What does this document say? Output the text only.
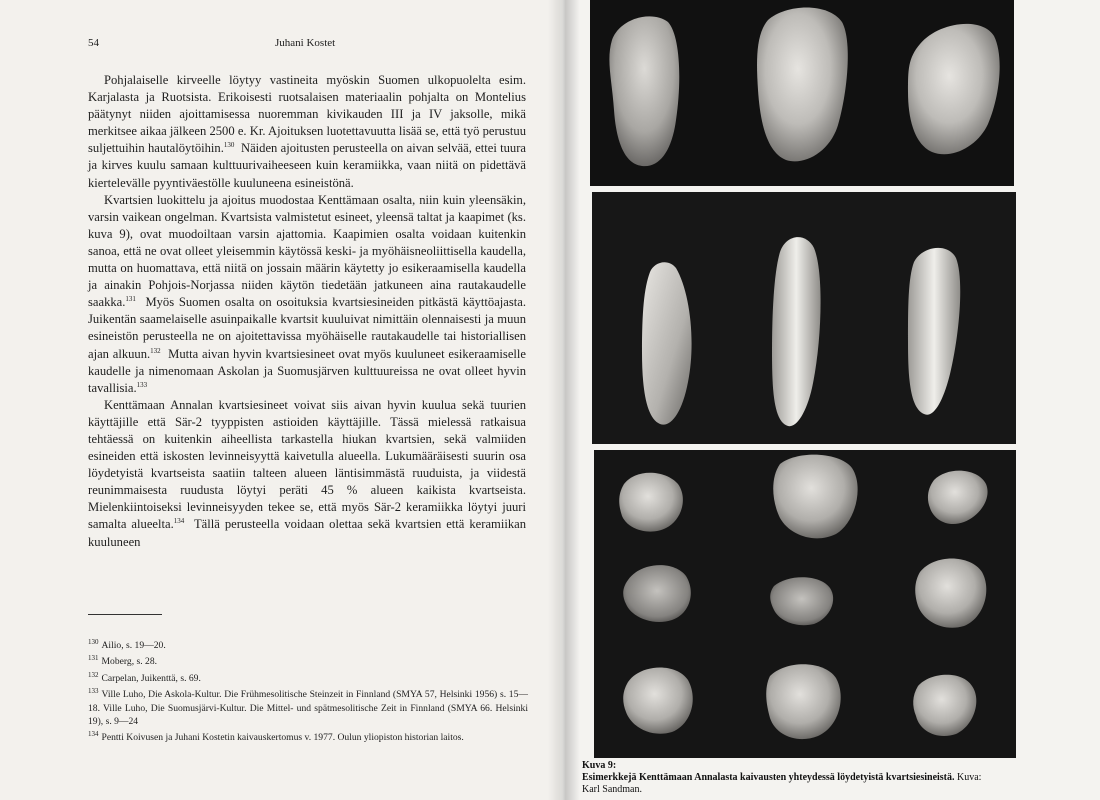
54	Juhani Kostet

Pohjalaiselle kirveelle löytyy vastineita myöskin Suomen ulkopuolelta esim. Karjalasta ja Ruotsista. Erikoisesti ruotsalaisen materiaalin pohjalta on Montelius päätynyt niiden ajoittamisessa nuoremman kivikauden III ja IV jaksolle, mikä merkitsee aikaa jälkeen 2500 e. Kr. Ajoituksen luotettavuutta lisää se, että työ perustuu suljettuihin hautalöytöihin.$^{130}$ Näiden ajoitusten perusteella on aivan selvää, ettei tuura ja kirves kuulu samaan kulttuurivaiheeseen kuin keramiikka, vaan niitä on pidettävä kiertelevälle pyyntiväestölle kuuluneena esineistönä.

Kvartsien luokittelu ja ajoitus muodostaa Kenttämaan osalta, niin kuin yleensäkin, varsin vaikean ongelman. Kvartsista valmistetut esineet, yleensä taltat ja kaapimet (ks. kuva 9), ovat muodoiltaan varsin ajattomia. Kaapimien osalta voidaan kuitenkin sanoa, että ne ovat olleet yleisemmin käytössä keski- ja myöhäisneoliittisella kaudella, mutta on huomattava, että niitä on jossain määrin käytetty jo esikeraamisella kaudella ja ainakin Pohjois-Norjassa niiden käytön tiedetään jatkuneen aina rautakaudelle saakka.$^{131}$ Myös Suomen osalta on osoituksia kvartsiesineiden pitkästä käyttöajasta. Juikentän saamelaiselle asuinpaikalle kvartsit kuuluivat nimittäin olennaisesti ja muun esineistön perusteella ne on ajoitettavissa myöhäiselle rautakaudelle tai historiallisen ajan alkuun.$^{132}$ Mutta aivan hyvin kvartsiesineet ovat myös kuuluneet esikeraamiselle kaudelle ja nimenomaan Askolan ja Suomusjärven kulttuureissa ne ovat olleet hyvin tavallisia.$^{133}$

Kenttämaan Annalan kvartsiesineet voivat siis aivan hyvin kuulua sekä tuurien käyttäjille että Sär-2 tyyppisten astioiden käyttäjille. Tässä mielessä ratkaisua tehtäessä on kuitenkin aiheellista tarkastella hiukan kvartsien, sekä valmiiden esineiden että iskosten levinneisyyttä kaivetulla alueella. Lukumääräisesti suurin osa löydetyistä kvartseista saatiin talteen alueen läntisimmästä ruuduista, ja viidestä reunimmaisesta ruudusta löytyi peräti 45 % alueen kaikista kvartseista. Mielenkiintoiseksi levinneisyyden tekee se, että myös Sär-2 keramiikka löytyi juuri samalta alueelta.$^{134}$ Tällä perusteella voidaan olettaa sekä kvartsien että keramiikan kuuluneen

$^{130}$ Ailio, s. 19—20.
$^{131}$ Moberg, s. 28.
$^{132}$ Carpelan, Juikenttä, s. 69.
$^{133}$ Ville Luho, Die Askola-Kultur. Die Frühmesolitische Steinzeit in Finnland (SMYA 57, Helsinki 1956) s. 15—18. Ville Luho, Die Suomusjärvi-Kultur. Die Mittel- und spätmesolitische Zeit in Finnland (SMYA 66. Helsinki 19), s. 9—24
$^{134}$ Pentti Koivusen ja Juhani Kostetin kaivauskertomus v. 1977. Oulun yliopiston historian laitos.
Kuva 9:
Esimerkkejä Kenttämaan Annalasta kaivausten yhteydessä löydetyistä kvartsiesineistä. Kuva:
Karl Sandman.
